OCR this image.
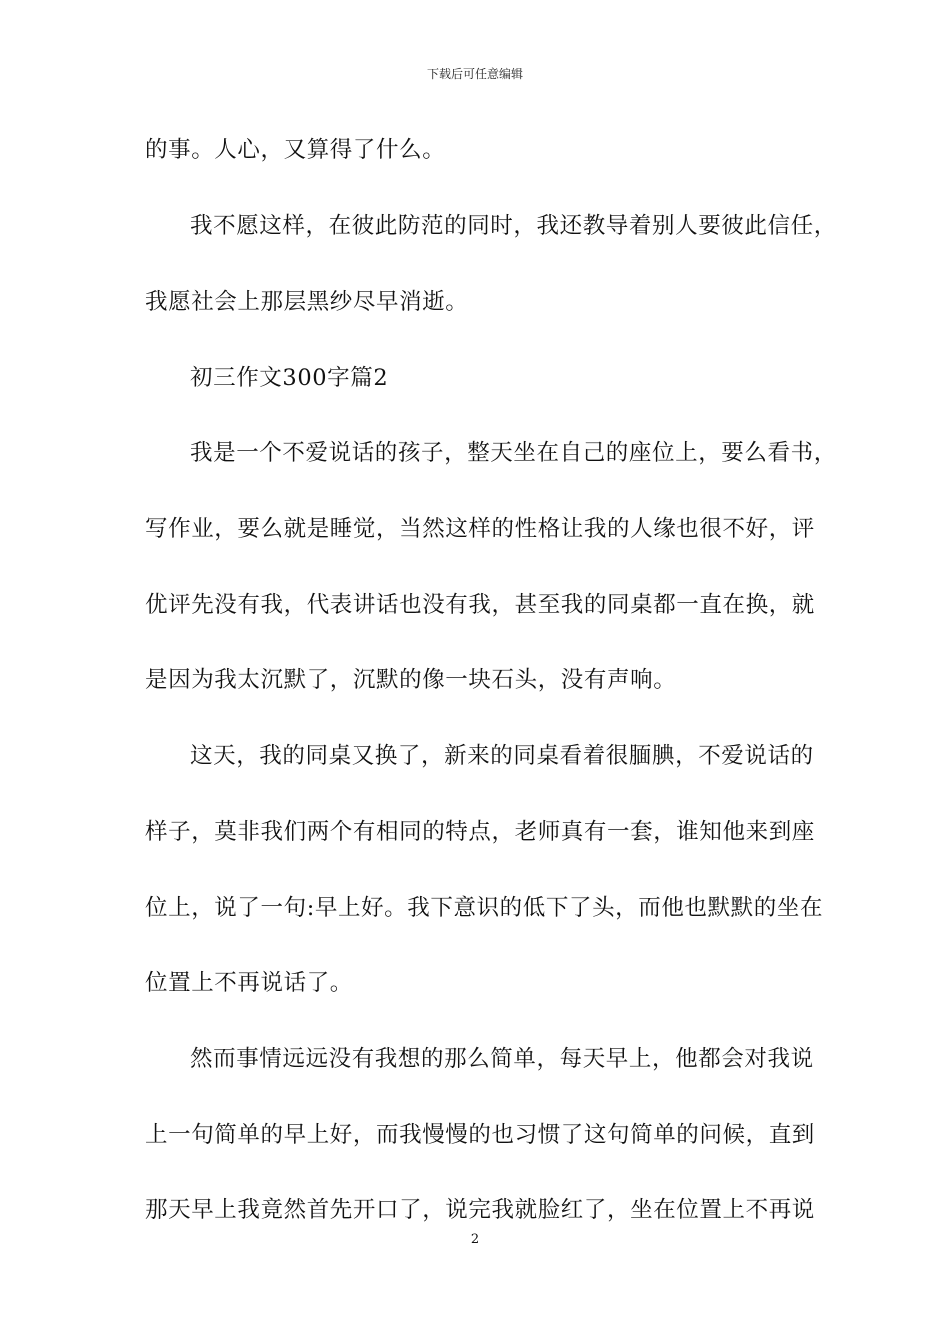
下载后可任意编辑
的事。人心，又算得了什么。
我不愿这样，在彼此防范的同时，我还教导着别人要彼此信任，
我愿社会上那层黑纱尽早消逝。
初三作文300字篇2
我是一个不爱说话的孩子，整天坐在自己的座位上，要么看书，
写作业，要么就是睡觉，当然这样的性格让我的人缘也很不好，评
优评先没有我，代表讲话也没有我，甚至我的同桌都一直在换，就
是因为我太沉默了，沉默的像一块石头，没有声响。
这天，我的同桌又换了，新来的同桌看着很腼腆，不爱说话的
样子，莫非我们两个有相同的特点，老师真有一套，谁知他来到座
位上，说了一句:早上好。我下意识的低下了头，而他也默默的坐在
位置上不再说话了。
然而事情远远没有我想的那么简单，每天早上，他都会对我说
上一句简单的早上好，而我慢慢的也习惯了这句简单的问候，直到
那天早上我竟然首先开口了，说完我就脸红了，坐在位置上不再说
2
